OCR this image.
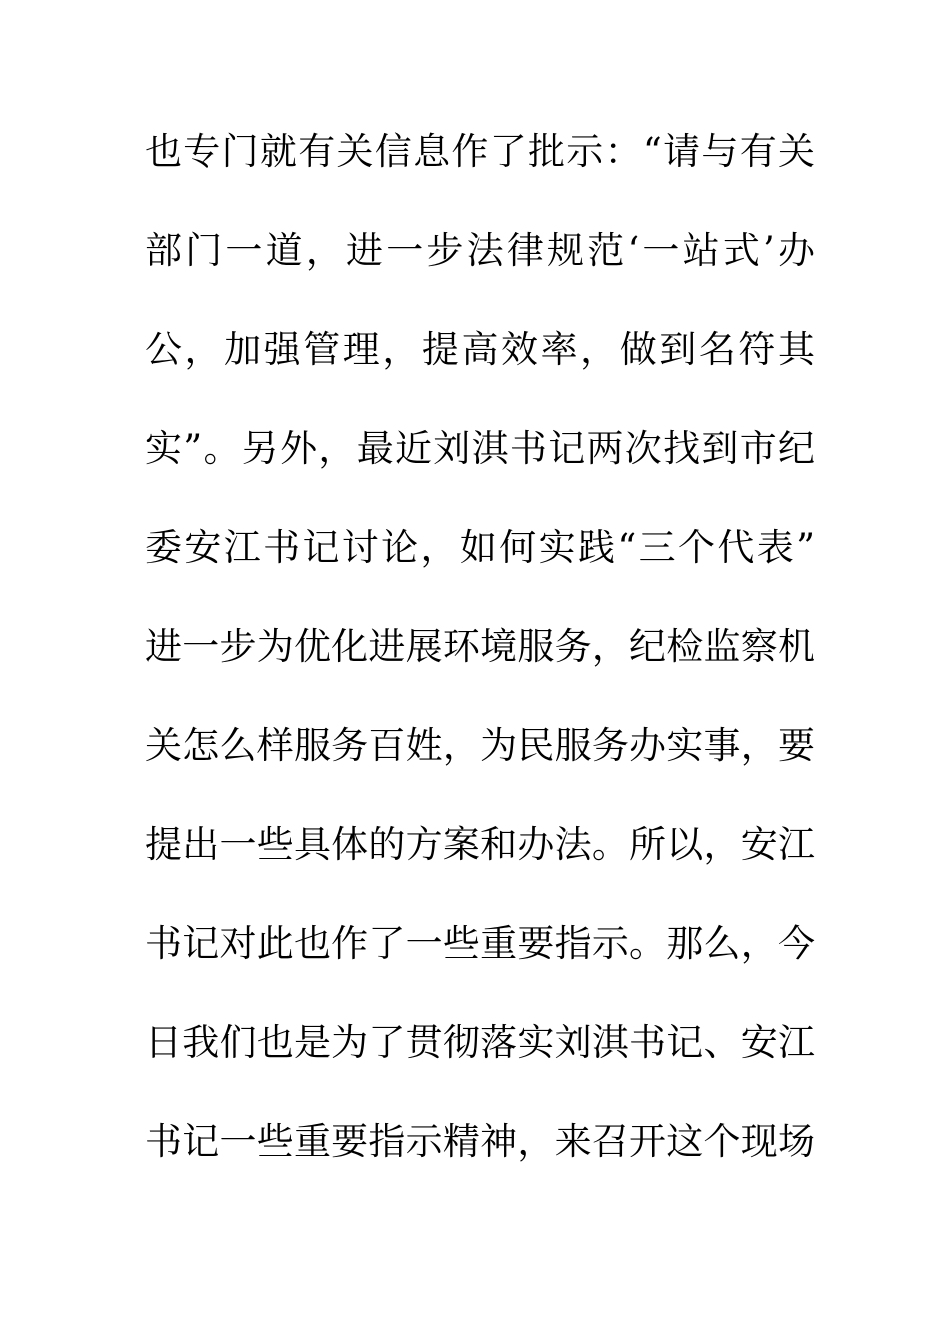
也专门就有关信息作了批示：“请与有关
部门一道，进一步法律规范‘一站式’办
公，加强管理，提高效率，做到名符其
实”。另外，最近刘淇书记两次找到市纪
委安江书记讨论，如何实践“三个代表”
进一步为优化进展环境服务，纪检监察机
关怎么样服务百姓，为民服务办实事，要
提出一些具体的方案和办法。所以，安江
书记对此也作了一些重要指示。那么，今
日我们也是为了贯彻落实刘淇书记、安江
书记一些重要指示精神，来召开这个现场
